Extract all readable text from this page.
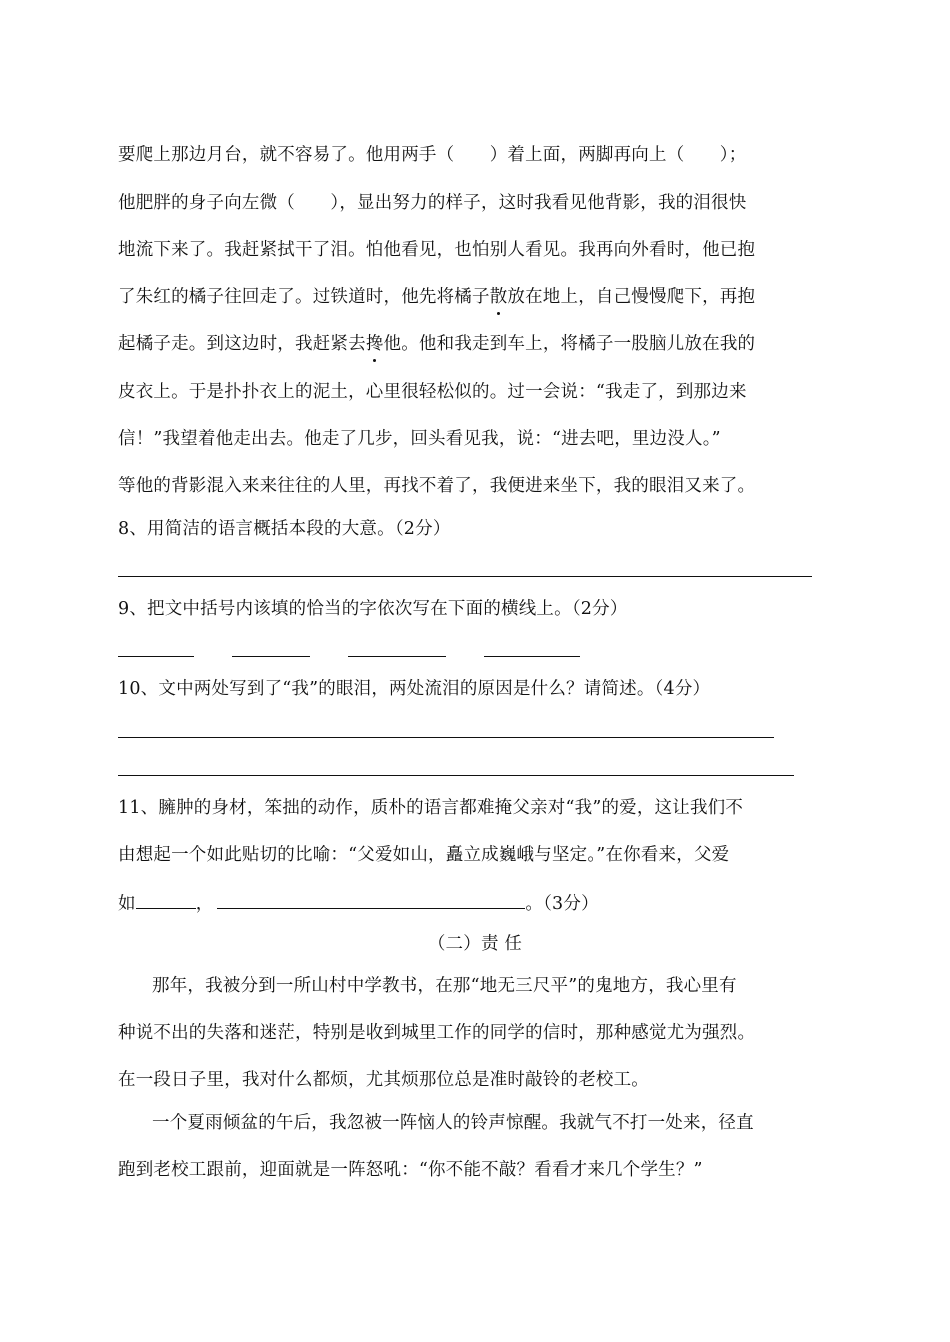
要爬上那边月台，就不容易了。他用两手（　　）着上面，两脚再向上（　　）；
他肥胖的身子向左微（　　），显出努力的样子，这时我看见他背影，我的泪很快
地流下来了。我赶紧拭干了泪。怕他看见，也怕别人看见。我再向外看时，他已抱
了朱红的橘子往回走了。过铁道时，他先将橘子散放在地上，自己慢慢爬下，再抱
起橘子走。到这边时，我赶紧去搀他。他和我走到车上，将橘子一股脑儿放在我的
皮衣上。于是扑扑衣上的泥土，心里很轻松似的。过一会说：“我走了，到那边来
信！”我望着他走出去。他走了几步，回头看见我，说：“进去吧，里边没人。”
等他的背影混入来来往往的人里，再找不着了，我便进来坐下，我的眼泪又来了。
8、用简洁的语言概括本段的大意。（2分）
9、把文中括号内该填的恰当的字依次写在下面的横线上。（2分）
10、文中两处写到了“我”的眼泪，两处流泪的原因是什么？请简述。（4分）
11、臃肿的身材，笨拙的动作，质朴的语言都难掩父亲对“我”的爱，这让我们不
由想起一个如此贴切的比喻：“父爱如山，矗立成巍峨与坚定。”在你看来，父爱
如	，	。（3分）
（二）责 任
那年，我被分到一所山村中学教书，在那“地无三尺平”的鬼地方，我心里有
种说不出的失落和迷茫，特别是收到城里工作的同学的信时，那种感觉尤为强烈。
在一段日子里，我对什么都烦，尤其烦那位总是准时敲铃的老校工。
一个夏雨倾盆的午后，我忽被一阵恼人的铃声惊醒。我就气不打一处来，径直
跑到老校工跟前，迎面就是一阵怒吼：“你不能不敲？看看才来几个学生？”
